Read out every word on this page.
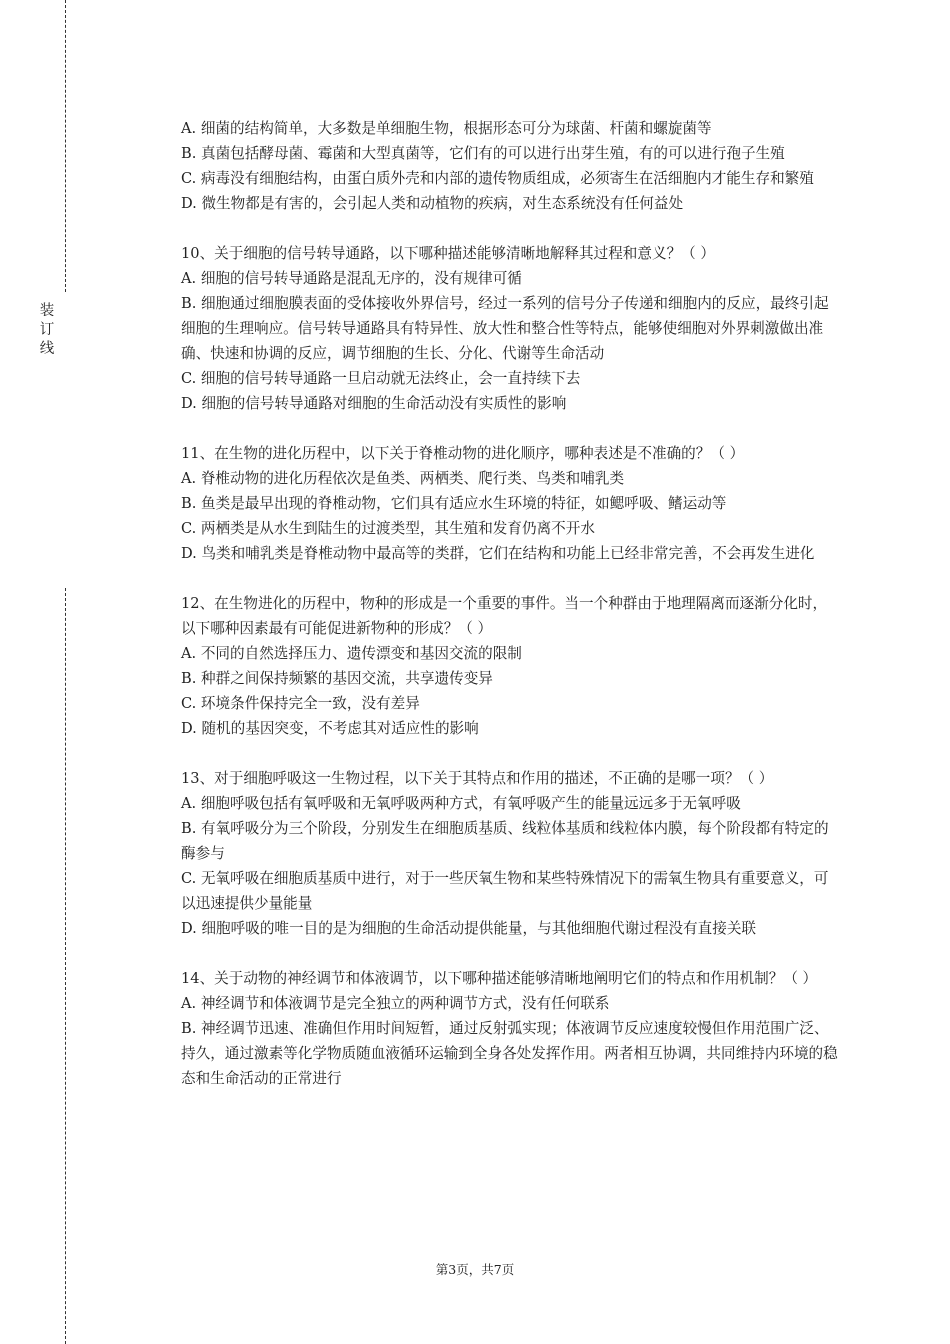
装
订
线

A. 细菌的结构简单，大多数是单细胞生物，根据形态可分为球菌、杆菌和螺旋菌等

B. 真菌包括酵母菌、霉菌和大型真菌等，它们有的可以进行出芽生殖，有的可以进行孢子生殖

C. 病毒没有细胞结构，由蛋白质外壳和内部的遗传物质组成，必须寄生在活细胞内才能生存和繁殖

D. 微生物都是有害的，会引起人类和动植物的疾病，对生态系统没有任何益处

10、关于细胞的信号转导通路，以下哪种描述能够清晰地解释其过程和意义？（ ）

A. 细胞的信号转导通路是混乱无序的，没有规律可循

B. 细胞通过细胞膜表面的受体接收外界信号，经过一系列的信号分子传递和细胞内的反应，最终引起细胞的生理响应。信号转导通路具有特异性、放大性和整合性等特点，能够使细胞对外界刺激做出准确、快速和协调的反应，调节细胞的生长、分化、代谢等生命活动

C. 细胞的信号转导通路一旦启动就无法终止，会一直持续下去

D. 细胞的信号转导通路对细胞的生命活动没有实质性的影响

11、在生物的进化历程中，以下关于脊椎动物的进化顺序，哪种表述是不准确的？（ ）

A. 脊椎动物的进化历程依次是鱼类、两栖类、爬行类、鸟类和哺乳类

B. 鱼类是最早出现的脊椎动物，它们具有适应水生环境的特征，如鳃呼吸、鳍运动等

C. 两栖类是从水生到陆生的过渡类型，其生殖和发育仍离不开水

D. 鸟类和哺乳类是脊椎动物中最高等的类群，它们在结构和功能上已经非常完善，不会再发生进化

12、在生物进化的历程中，物种的形成是一个重要的事件。当一个种群由于地理隔离而逐渐分化时，以下哪种因素最有可能促进新物种的形成？（ ）

A. 不同的自然选择压力、遗传漂变和基因交流的限制

B. 种群之间保持频繁的基因交流，共享遗传变异

C. 环境条件保持完全一致，没有差异

D. 随机的基因突变，不考虑其对适应性的影响

13、对于细胞呼吸这一生物过程，以下关于其特点和作用的描述，不正确的是哪一项？（ ）

A. 细胞呼吸包括有氧呼吸和无氧呼吸两种方式，有氧呼吸产生的能量远远多于无氧呼吸

B. 有氧呼吸分为三个阶段，分别发生在细胞质基质、线粒体基质和线粒体内膜，每个阶段都有特定的酶参与

C. 无氧呼吸在细胞质基质中进行，对于一些厌氧生物和某些特殊情况下的需氧生物具有重要意义，可以迅速提供少量能量

D. 细胞呼吸的唯一目的是为细胞的生命活动提供能量，与其他细胞代谢过程没有直接关联

14、关于动物的神经调节和体液调节，以下哪种描述能够清晰地阐明它们的特点和作用机制？（ ）

A. 神经调节和体液调节是完全独立的两种调节方式，没有任何联系

B. 神经调节迅速、准确但作用时间短暂，通过反射弧实现；体液调节反应速度较慢但作用范围广泛、持久，通过激素等化学物质随血液循环运输到全身各处发挥作用。两者相互协调，共同维持内环境的稳态和生命活动的正常进行

第3页，共7页
